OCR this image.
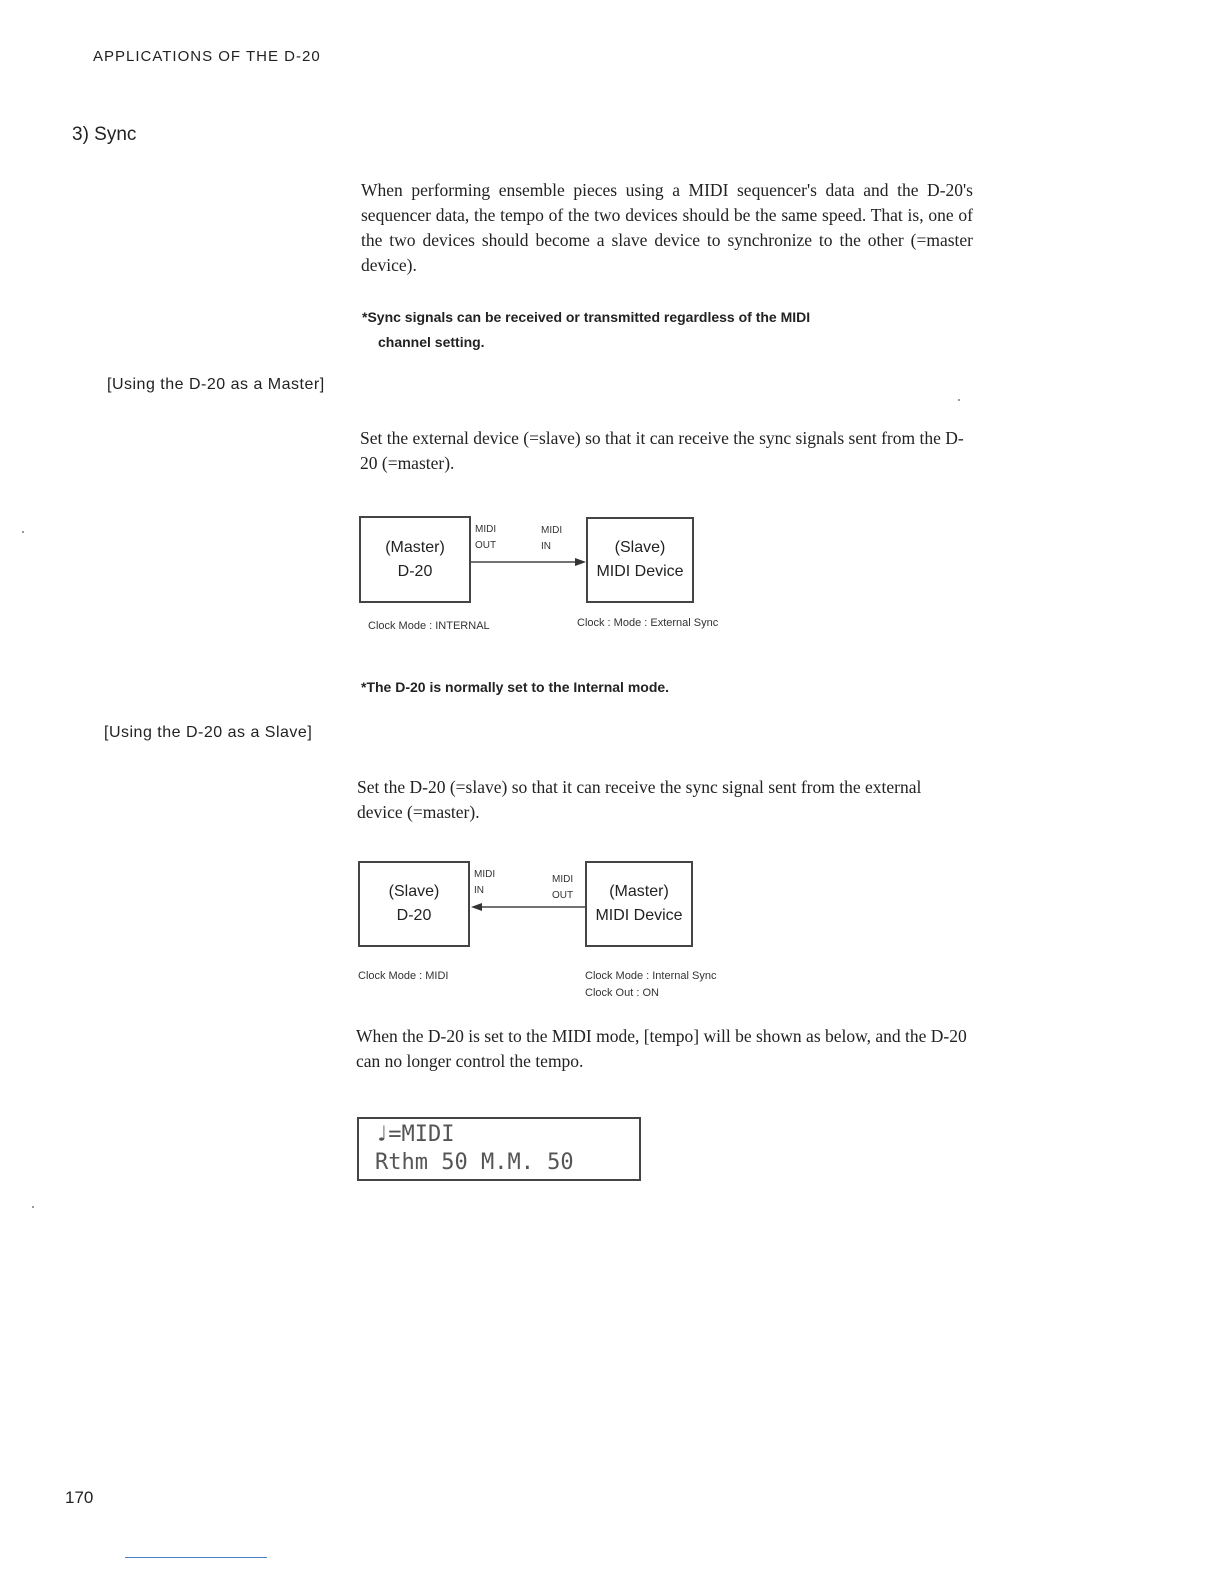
APPLICATIONS OF THE D-20
3) Sync

When performing ensemble pieces using a MIDI sequencer's data and the D-20's sequencer data, the tempo of the two devices should be the same speed. That is, one of the two devices should become a slave device to synchronize to the other (=master device).

*Sync signals can be received or transmitted regardless of the MIDI
channel setting.
[Using the D-20 as a Master]

Set the external device (=slave) so that it can receive the sync signals sent from the D-20 (=master).

(Master)
D-20
(Slave)
MIDI Device
MIDI
OUT
MIDI
IN
Clock Mode : INTERNAL	Clock : Mode : External Sync
*The D-20 is normally set to the Internal mode.
[Using the D-20 as a Slave]

Set the D-20 (=slave) so that it can receive the sync signal sent from the external device (=master).

(Slave)
D-20
(Master)
MIDI Device
MIDI
IN
MIDI
OUT
Clock Mode : MIDI	Clock Mode : Internal Sync
Clock Out : ON

When the D-20 is set to the MIDI mode, [tempo] will be shown as below, and the D-20 can no longer control the tempo.

♩=MIDI
Rthm 50 M.M. 50
170
